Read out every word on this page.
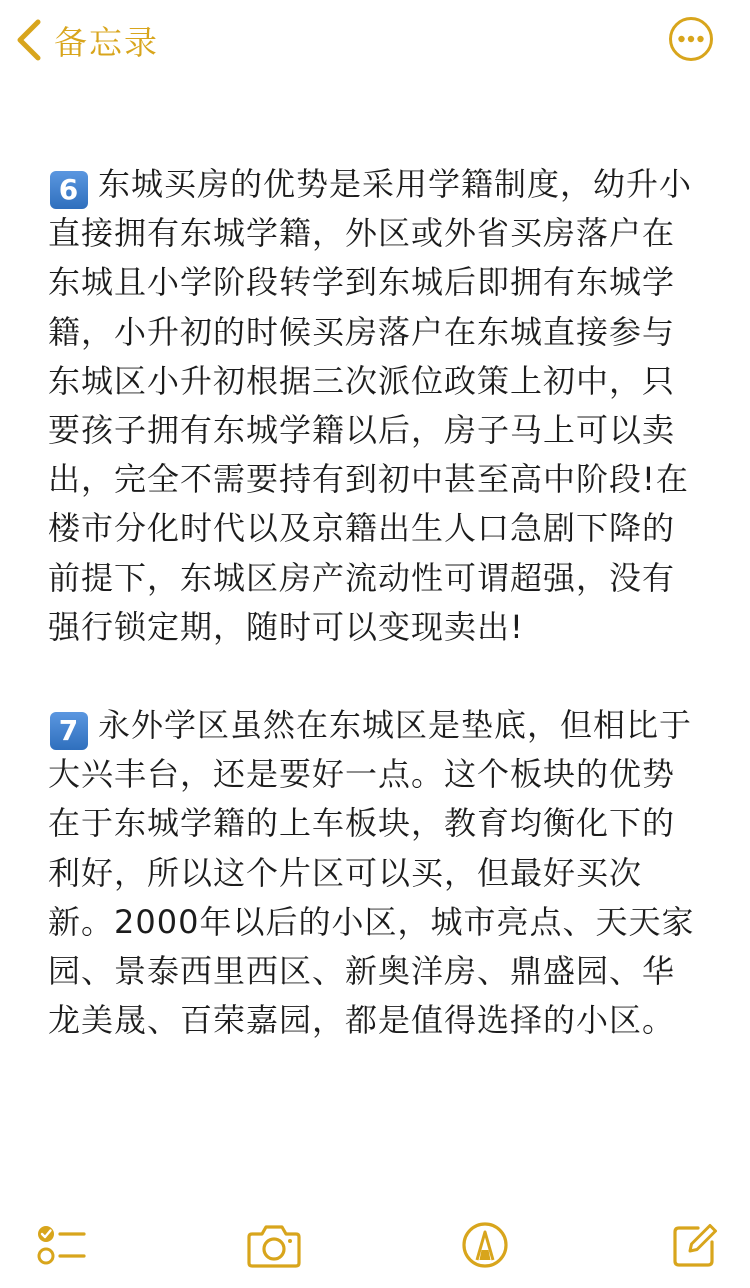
备忘录

6 东城买房的优势是采用学籍制度，幼升小直接拥有东城学籍，外区或外省买房落户在东城且小学阶段转学到东城后即拥有东城学籍，小升初的时候买房落户在东城直接参与东城区小升初根据三次派位政策上初中，只要孩子拥有东城学籍以后，房子马上可以卖出，完全不需要持有到初中甚至高中阶段!在楼市分化时代以及京籍出生人口急剧下降的前提下，东城区房产流动性可谓超强，没有强行锁定期，随时可以变现卖出!

7 永外学区虽然在东城区是垫底，但相比于大兴丰台，还是要好一点。这个板块的优势在于东城学籍的上车板块，教育均衡化下的利好，所以这个片区可以买，但最好买次新。2000年以后的小区，城市亮点、天天家园、景泰西里西区、新奥洋房、鼎盛园、华龙美晟、百荣嘉园，都是值得选择的小区。
